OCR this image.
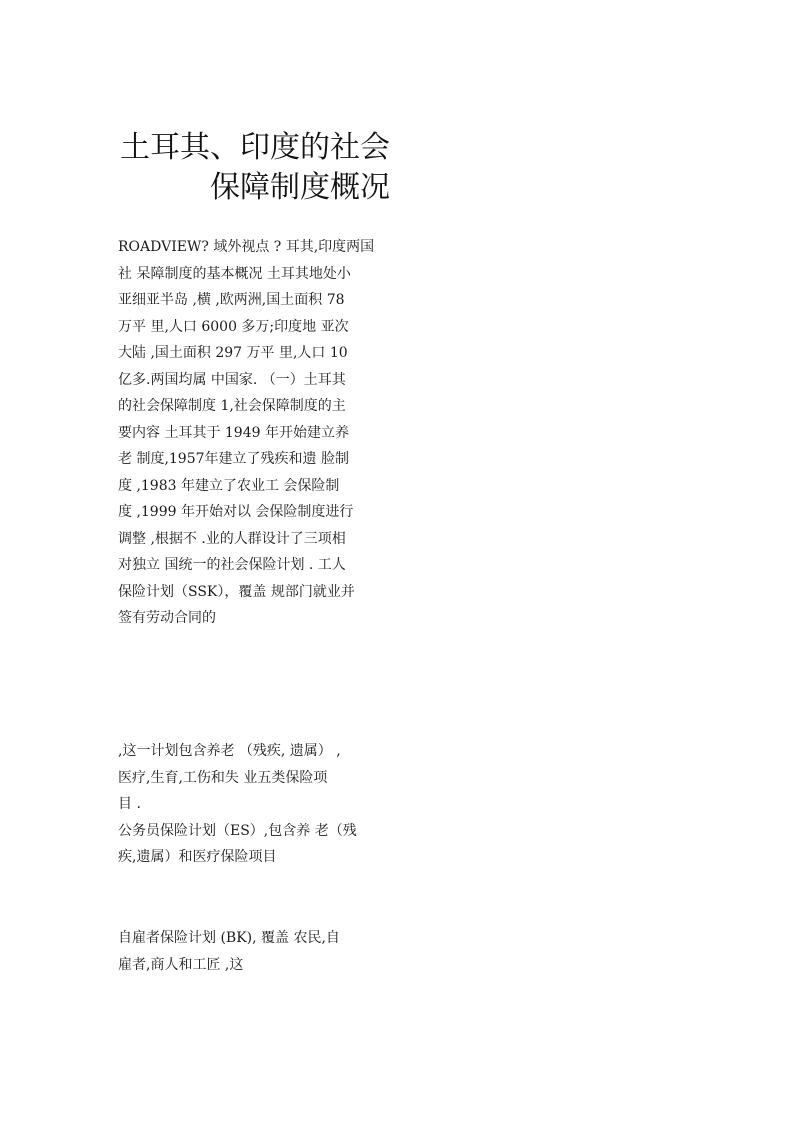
土耳其、印度的社会
保障制度概况
ROADVIEW? 域外视点 ? 耳其,印度两国
社 呆障制度的基本概况 土耳其地处小
亚细亚半岛 ,横 ,欧两洲,国土面积 78
万平 里,人口 6000 多万;印度地 亚次
大陆 ,国土面积 297 万平 里,人口 10
亿多.两国均属 中国家. （一）土耳其
的社会保障制度 1,社会保障制度的主
要内容 土耳其于 1949 年开始建立养
老 制度,1957年建立了残疾和遗 脸制
度 ,1983 年建立了农业工 会保险制
度 ,1999 年开始对以 会保险制度进行
调整 ,根据不 .业的人群设计了三项相
对独立 国统一的社会保险计划 . 工人
保险计划（SSK），覆盖 规部门就业并
签有劳动合同的
,这一计划包含养老 （残疾, 遗属） ,
医疗,生育,工伤和失 业五类保险项
目 .
公务员保险计划（ES）,包含养 老（残
疾,遗属）和医疗保险项目
自雇者保险计划 (BK), 覆盖 农民,自
雇者,商人和工匠 ,这
